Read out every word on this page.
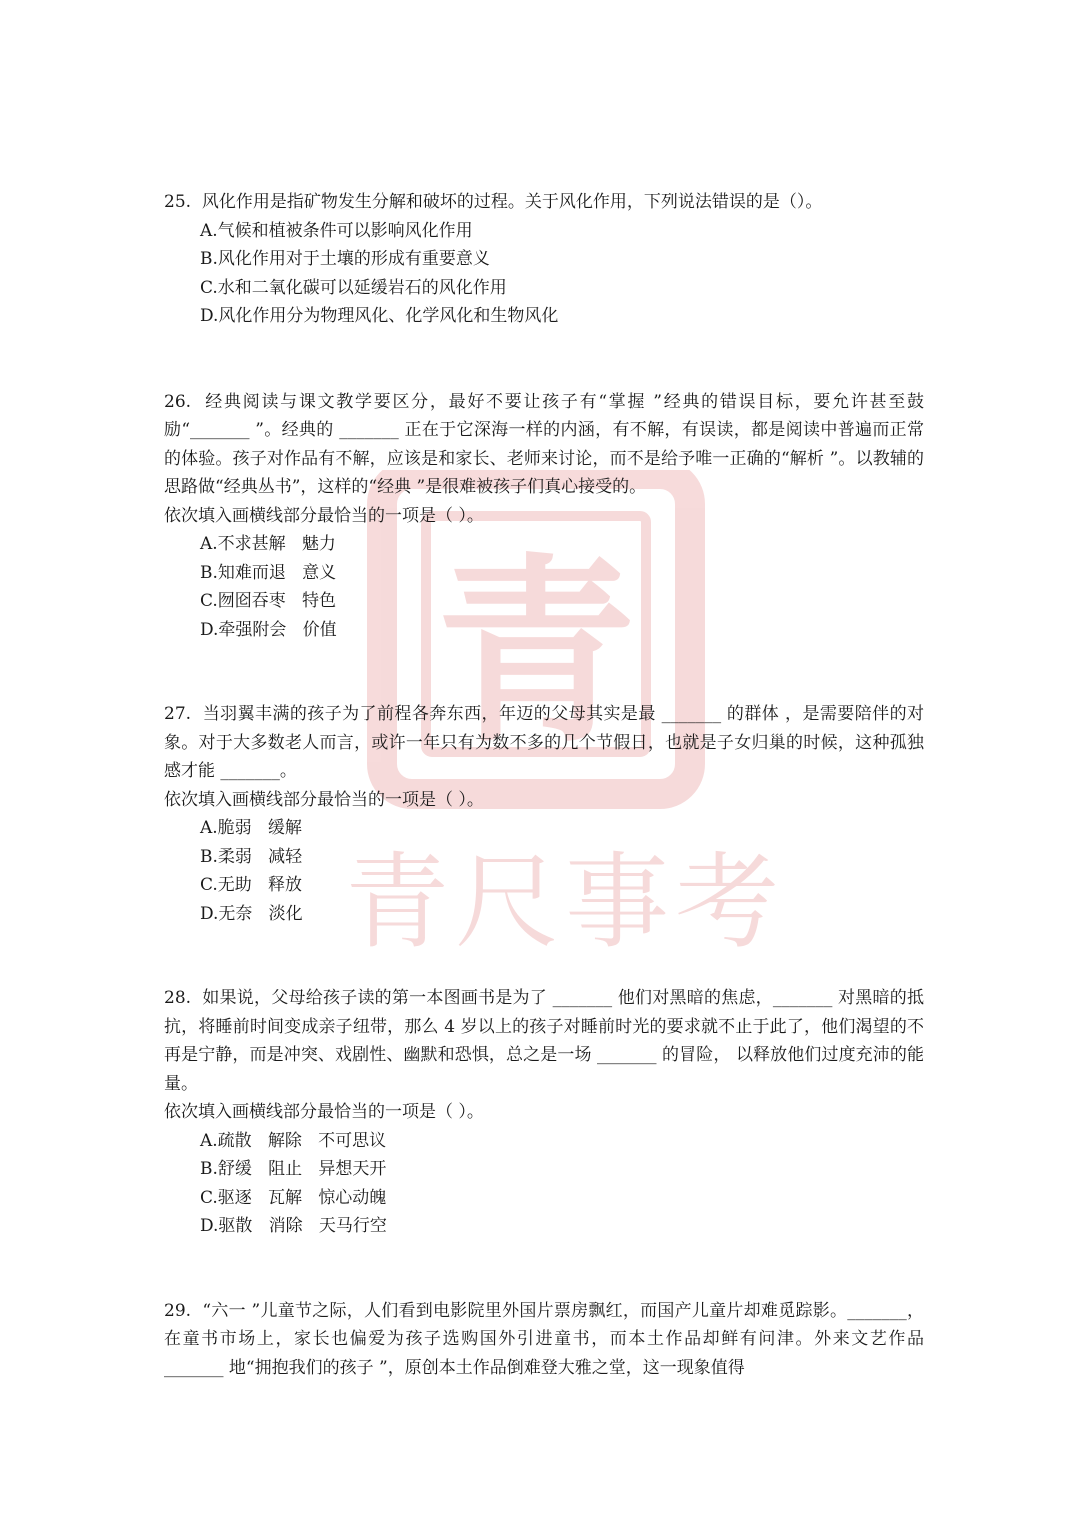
青
青尺事考

25. 风化作用是指矿物发生分解和破坏的过程。关于风化作用，下列说法错误的是（）。

A.气候和植被条件可以影响风化作用

B.风化作用对于土壤的形成有重要意义

C.水和二氧化碳可以延缓岩石的风化作用

D.风化作用分为物理风化、化学风化和生物风化

26. 经典阅读与课文教学要区分，最好不要让孩子有“掌握 ”经典的错误目标，要允许甚至鼓励“_______ ”。经典的 _______ 正在于它深海一样的内涵，有不解，有误读，都是阅读中普遍而正常的体验。孩子对作品有不解，应该是和家长、老师来讨论，而不是给予唯一正确的“解析 ”。以教辅的思路做“经典丛书”，这样的“经典 ”是很难被孩子们真心接受的。

依次填入画横线部分最恰当的一项是（ ）。

A.不求甚解   魅力

B.知难而退   意义

C.囫囵吞枣   特色

D.牵强附会   价值

27. 当羽翼丰满的孩子为了前程各奔东西，年迈的父母其实是最 _______ 的群体 ，是需要陪伴的对象。对于大多数老人而言，或许一年只有为数不多的几个节假日，也就是子女归巢的时候，这种孤独感才能 _______。

依次填入画横线部分最恰当的一项是（ ）。

A.脆弱   缓解

B.柔弱   减轻

C.无助   释放

D.无奈   淡化

28. 如果说，父母给孩子读的第一本图画书是为了 _______ 他们对黑暗的焦虑，_______ 对黑暗的抵抗，将睡前时间变成亲子纽带，那么 4 岁以上的孩子对睡前时光的要求就不止于此了，他们渴望的不再是宁静，而是冲突、戏剧性、幽默和恐惧，总之是一场 _______ 的冒险， 以释放他们过度充沛的能量。

依次填入画横线部分最恰当的一项是（ ）。

A.疏散   解除   不可思议

B.舒缓   阻止   异想天开

C.驱逐   瓦解   惊心动魄

D.驱散   消除   天马行空

29. “六一 ”儿童节之际，人们看到电影院里外国片票房飘红，而国产儿童片却难觅踪影。_______， 在童书市场上，家长也偏爱为孩子选购国外引进童书，而本土作品却鲜有问津。外来文艺作品 _______ 地“拥抱我们的孩子 ”，原创本土作品倒难登大雅之堂，这一现象值得
